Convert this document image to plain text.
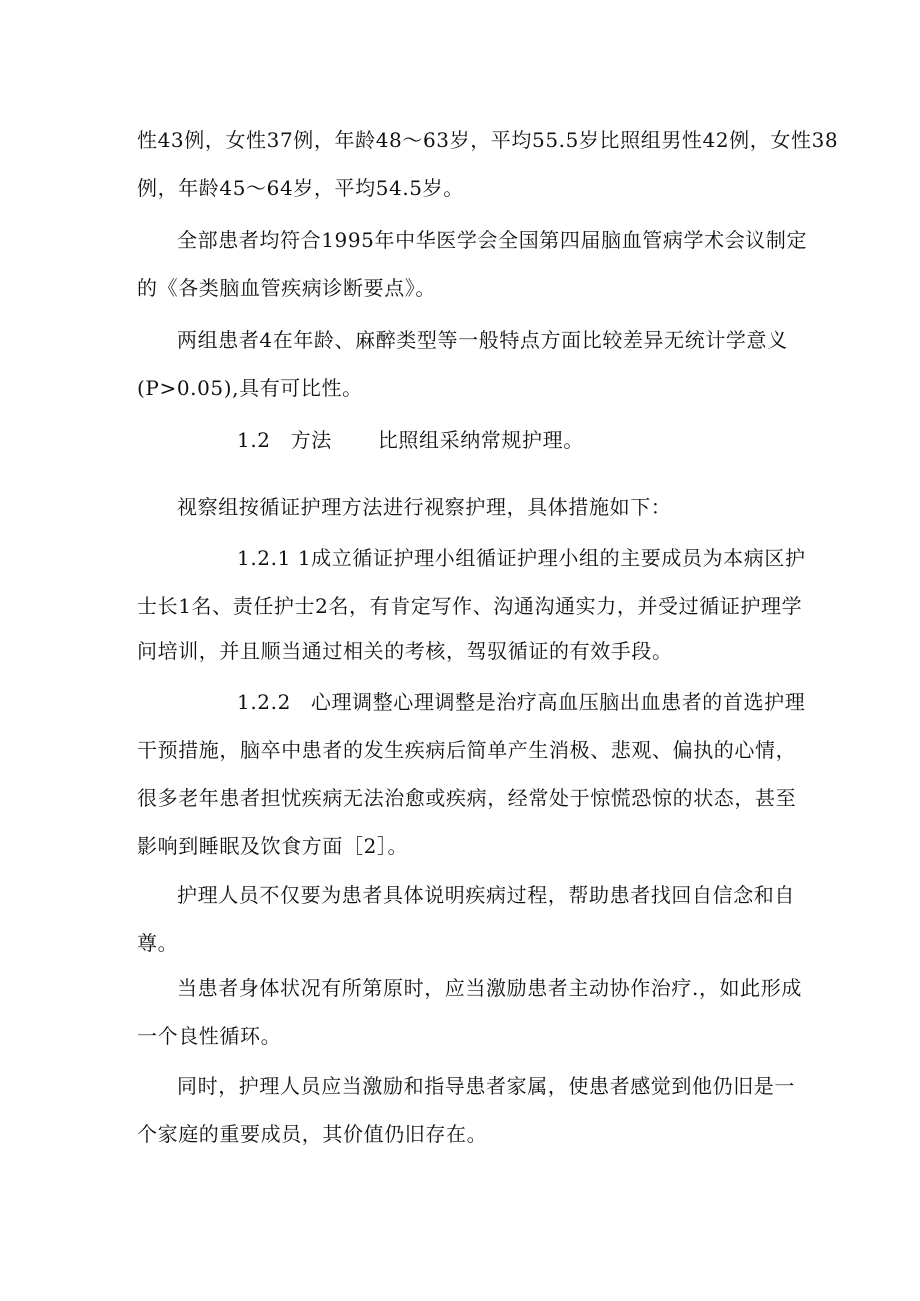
性43例，女性37例，年龄48～63岁，平均55.5岁比照组男性42例，女性38
例，年龄45～64岁，平均54.5岁。
全部患者均符合1995年中华医学会全国第四届脑血管病学术会议制定
的《各类脑血管疾病诊断要点》。
两组患者4在年龄、麻醉类型等一般特点方面比较差异无统计学意义
(P>0.05),具有可比性。
1.2 方法 比照组采纳常规护理。
视察组按循证护理方法进行视察护理，具体措施如下：
1.2.1 1成立循证护理小组循证护理小组的主要成员为本病区护
士长1名、责任护士2名，有肯定写作、沟通沟通实力，并受过循证护理学
问培训，并且顺当通过相关的考核，驾驭循证的有效手段。
1.2.2 心理调整心理调整是治疗高血压脑出血患者的首选护理
干预措施，脑卒中患者的发生疾病后简单产生消极、悲观、偏执的心情，
很多老年患者担忧疾病无法治愈或疾病，经常处于惊慌恐惊的状态，甚至
影响到睡眠及饮食方面［2］。
护理人员不仅要为患者具体说明疾病过程，帮助患者找回自信念和自
尊。
当患者身体状况有所第原时，应当激励患者主动协作治疗.，如此形成
一个良性循环。
同时，护理人员应当激励和指导患者家属，使患者感觉到他仍旧是一
个家庭的重要成员，其价值仍旧存在。
